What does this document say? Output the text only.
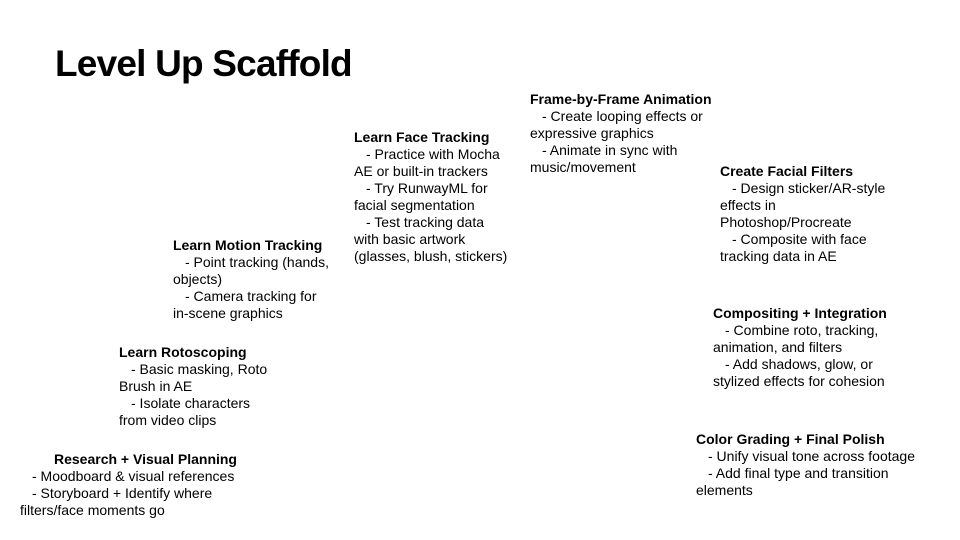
Level Up Scaffold
Research + Visual Planning
- Moodboard & visual references
- Storyboard + Identify where
filters/face moments go
Learn Rotoscoping
- Basic masking, Roto
Brush in AE
- Isolate characters
from video clips
Learn Motion Tracking
- Point tracking (hands,
objects)
- Camera tracking for
in-scene graphics
Learn Face Tracking
- Practice with Mocha
AE or built-in trackers
- Try RunwayML for
facial segmentation
- Test tracking data
with basic artwork
(glasses, blush, stickers)
Frame-by-Frame Animation
- Create looping effects or
expressive graphics
- Animate in sync with
music/movement	Create Facial Filters
- Design sticker/AR-style
effects in
Photoshop/Procreate
- Composite with face
tracking data in AE
Compositing + Integration
- Combine roto, tracking,
animation, and filters
- Add shadows, glow, or
stylized effects for cohesion
Color Grading + Final Polish
- Unify visual tone across footage
- Add final type and transition
elements
